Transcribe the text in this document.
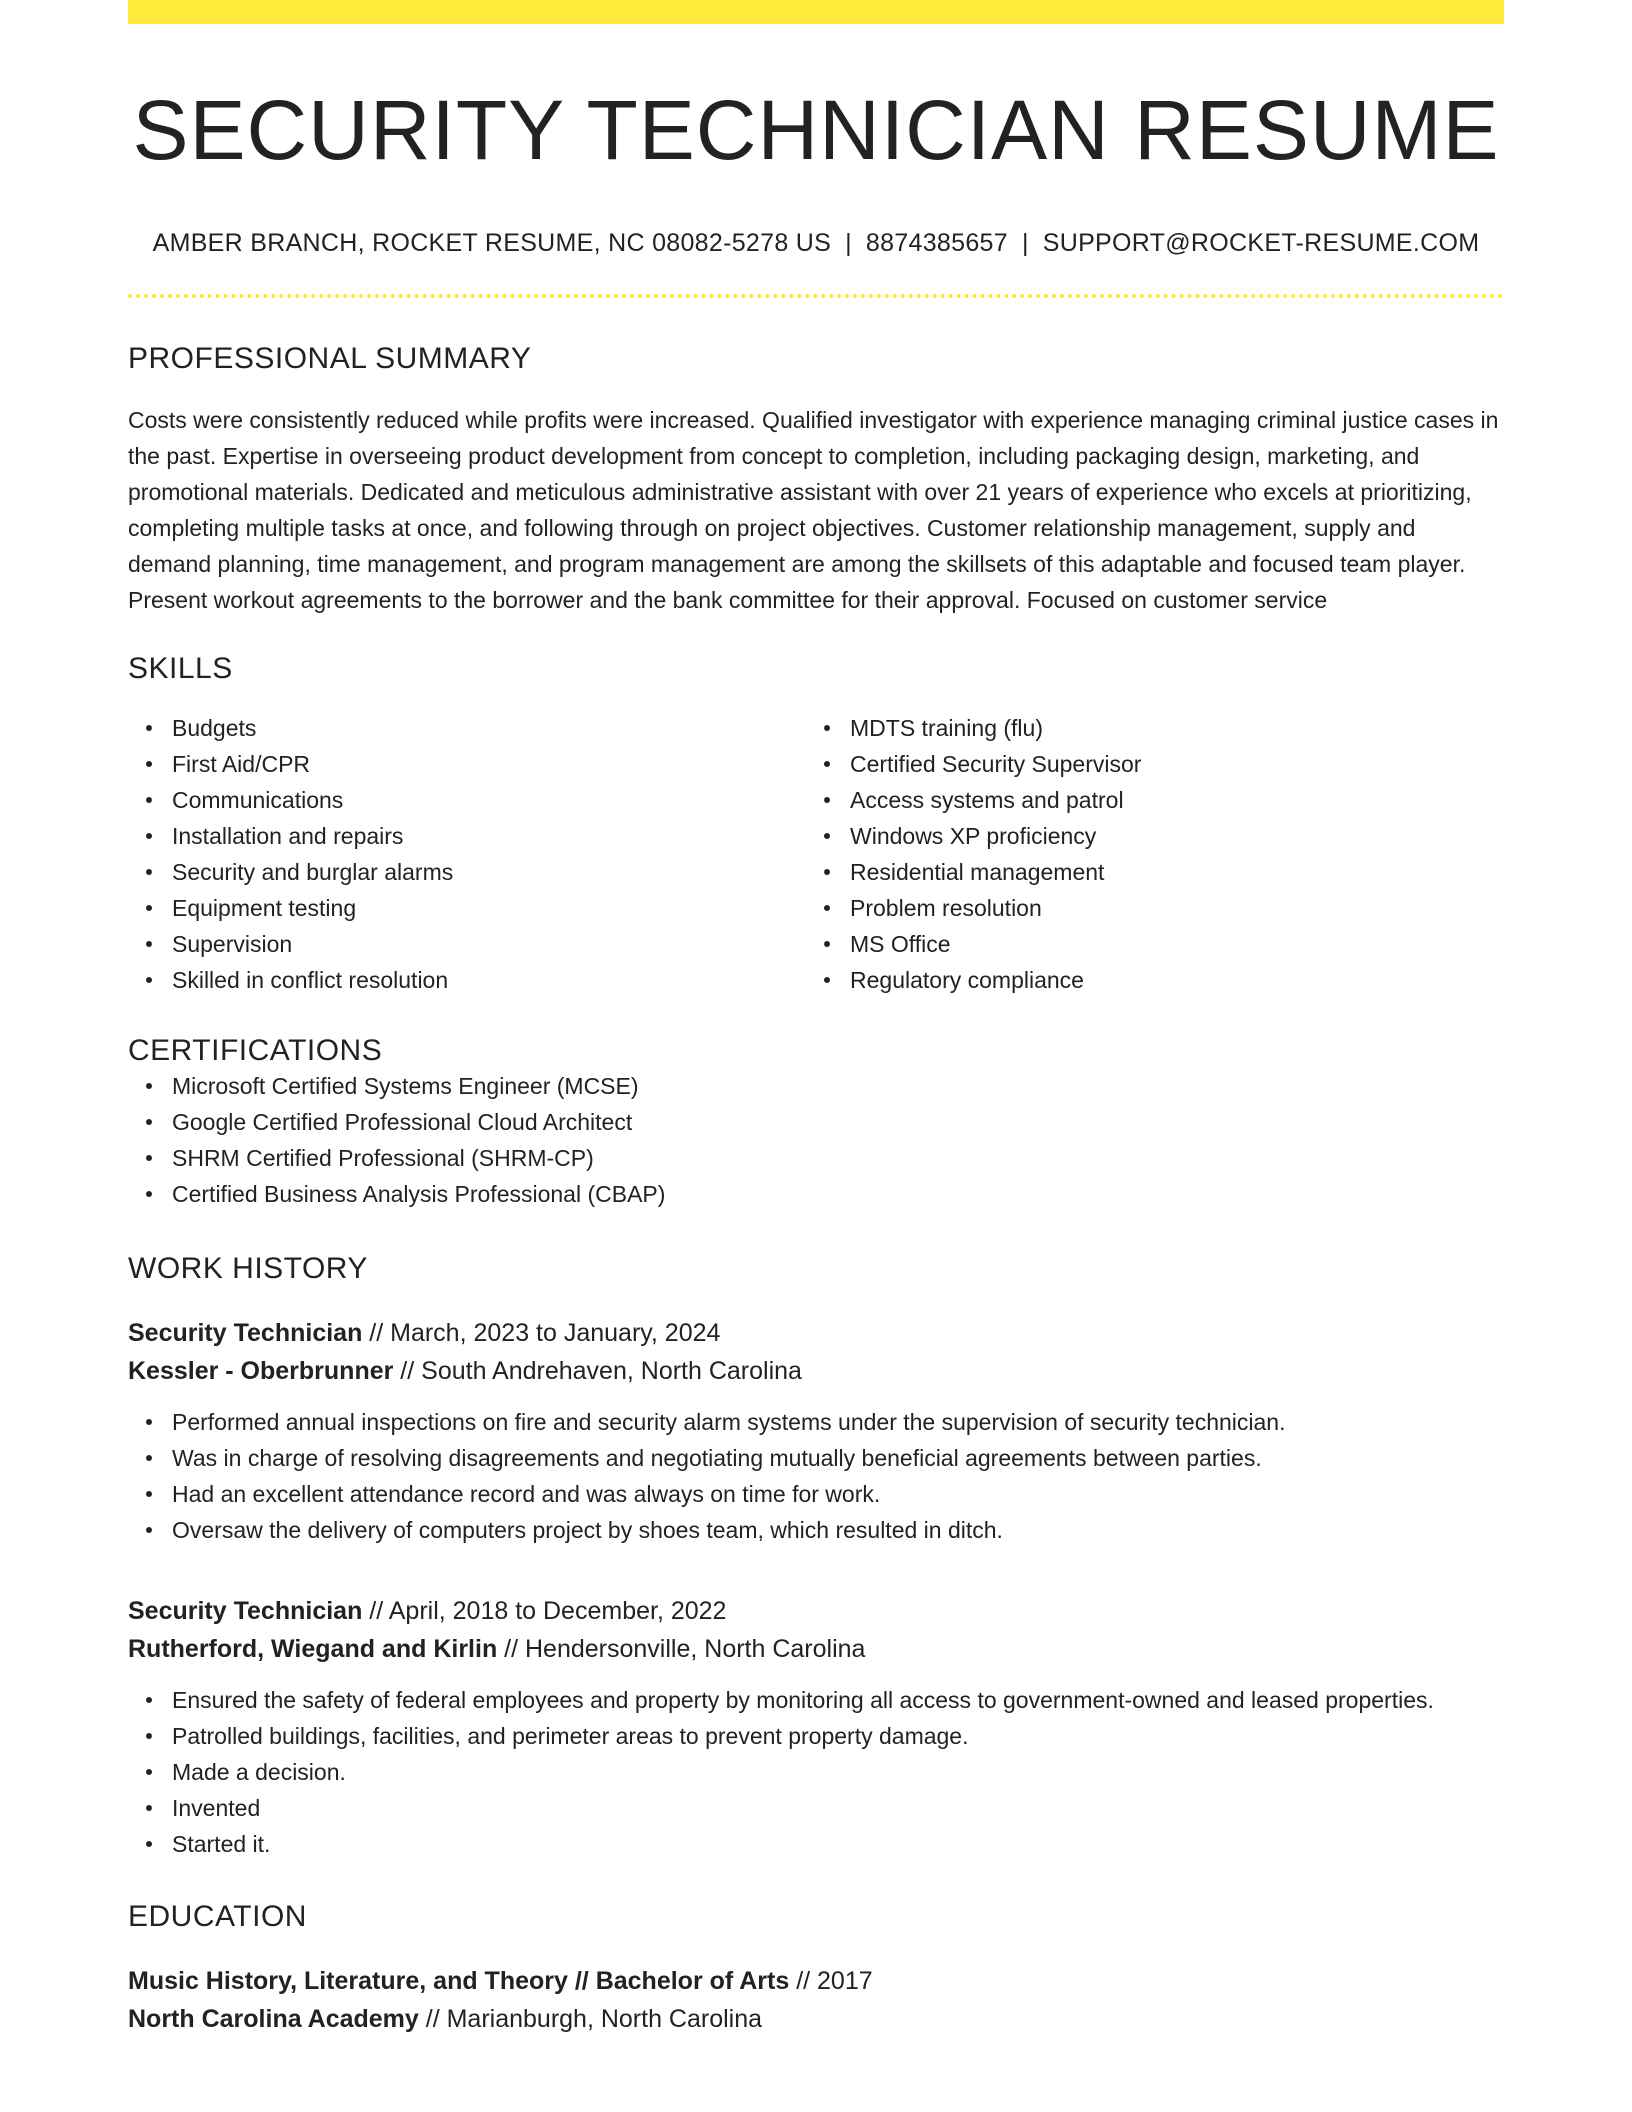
SECURITY TECHNICIAN RESUME
AMBER BRANCH, ROCKET RESUME, NC 08082-5278 US | 8874385657 | SUPPORT@ROCKET-RESUME.COM
PROFESSIONAL SUMMARY
Costs were consistently reduced while profits were increased. Qualified investigator with experience managing criminal justice cases in the past. Expertise in overseeing product development from concept to completion, including packaging design, marketing, and promotional materials. Dedicated and meticulous administrative assistant with over 21 years of experience who excels at prioritizing, completing multiple tasks at once, and following through on project objectives. Customer relationship management, supply and demand planning, time management, and program management are among the skillsets of this adaptable and focused team player. Present workout agreements to the borrower and the bank committee for their approval. Focused on customer service
SKILLS
Budgets
First Aid/CPR
Communications
Installation and repairs
Security and burglar alarms
Equipment testing
Supervision
Skilled in conflict resolution
MDTS training (flu)
Certified Security Supervisor
Access systems and patrol
Windows XP proficiency
Residential management
Problem resolution
MS Office
Regulatory compliance
CERTIFICATIONS
Microsoft Certified Systems Engineer (MCSE)
Google Certified Professional Cloud Architect
SHRM Certified Professional (SHRM-CP)
Certified Business Analysis Professional (CBAP)
WORK HISTORY
Security Technician // March, 2023 to January, 2024
Kessler - Oberbrunner // South Andrehaven, North Carolina
Performed annual inspections on fire and security alarm systems under the supervision of security technician.
Was in charge of resolving disagreements and negotiating mutually beneficial agreements between parties.
Had an excellent attendance record and was always on time for work.
Oversaw the delivery of computers project by shoes team, which resulted in ditch.
Security Technician // April, 2018 to December, 2022
Rutherford, Wiegand and Kirlin // Hendersonville, North Carolina
Ensured the safety of federal employees and property by monitoring all access to government-owned and leased properties.
Patrolled buildings, facilities, and perimeter areas to prevent property damage.
Made a decision.
Invented
Started it.
EDUCATION
Music History, Literature, and Theory // Bachelor of Arts // 2017
North Carolina Academy // Marianburgh, North Carolina
